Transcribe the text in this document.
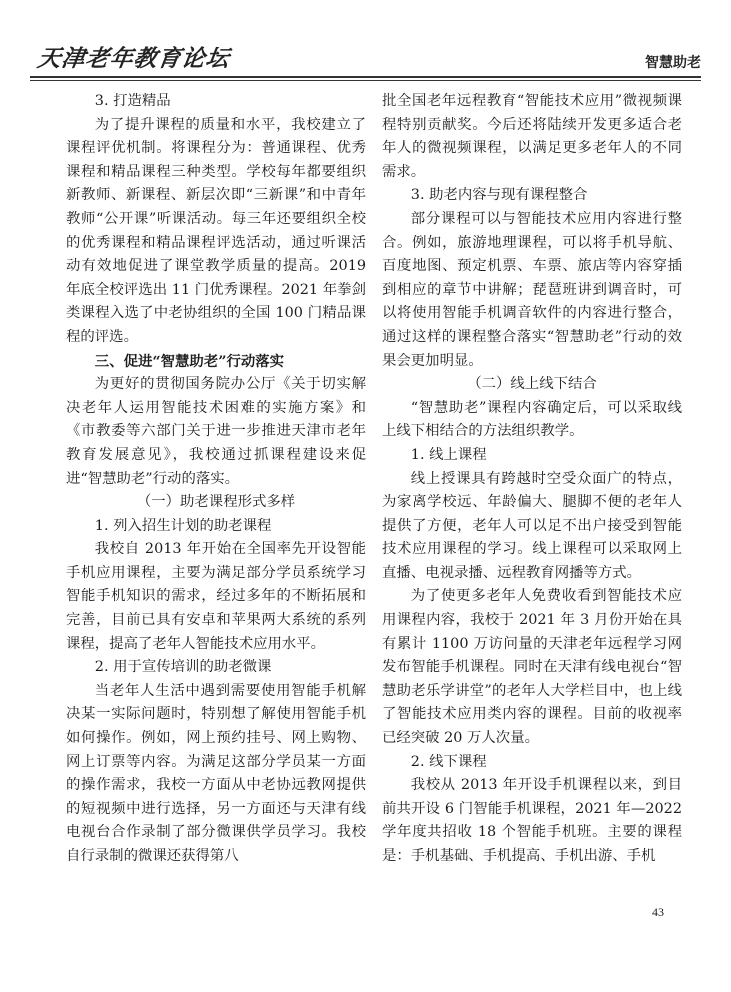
天津老年教育论坛	智慧助老

3. 打造精品

为了提升课程的质量和水平，我校建立了课程评优机制。将课程分为：普通课程、优秀课程和精品课程三种类型。学校每年都要组织新教师、新课程、新层次即“三新课”和中青年教师“公开课”听课活动。每三年还要组织全校的优秀课程和精品课程评选活动，通过听课活动有效地促进了课堂教学质量的提高。2019 年底全校评选出 11 门优秀课程。2021 年拳剑类课程入选了中老协组织的全国 100 门精品课程的评选。

三、促进“智慧助老”行动落实

为更好的贯彻国务院办公厅《关于切实解决老年人运用智能技术困难的实施方案》和《市教委等六部门关于进一步推进天津市老年教育发展意见》，我校通过抓课程建设来促进“智慧助老”行动的落实。

（一）助老课程形式多样

1. 列入招生计划的助老课程

我校自 2013 年开始在全国率先开设智能手机应用课程，主要为满足部分学员系统学习智能手机知识的需求，经过多年的不断拓展和完善，目前已具有安卓和苹果两大系统的系列课程，提高了老年人智能技术应用水平。

2. 用于宣传培训的助老微课

当老年人生活中遇到需要使用智能手机解决某一实际问题时，特别想了解使用智能手机如何操作。例如，网上预约挂号、网上购物、网上订票等内容。为满足这部分学员某一方面的操作需求，我校一方面从中老协远教网提供的短视频中进行选择，另一方面还与天津有线电视台合作录制了部分微课供学员学习。我校自行录制的微课还获得第八

批全国老年远程教育“智能技术应用”微视频课程特别贡献奖。今后还将陆续开发更多适合老年人的微视频课程，以满足更多老年人的不同需求。

3. 助老内容与现有课程整合

部分课程可以与智能技术应用内容进行整合。例如，旅游地理课程，可以将手机导航、百度地图、预定机票、车票、旅店等内容穿插到相应的章节中讲解；琵琶班讲到调音时，可以将使用智能手机调音软件的内容进行整合，通过这样的课程整合落实“智慧助老”行动的效果会更加明显。

（二）线上线下结合

“智慧助老”课程内容确定后，可以采取线上线下相结合的方法组织教学。

1. 线上课程

线上授课具有跨越时空受众面广的特点，为家离学校远、年龄偏大、腿脚不便的老年人提供了方便，老年人可以足不出户接受到智能技术应用课程的学习。线上课程可以采取网上直播、电视录播、远程教育网播等方式。

为了使更多老年人免费收看到智能技术应用课程内容，我校于 2021 年 3 月份开始在具有累计 1100 万访问量的天津老年远程学习网发布智能手机课程。同时在天津有线电视台“智慧助老乐学讲堂”的老年人大学栏目中，也上线了智能技术应用类内容的课程。目前的收视率已经突破 20 万人次量。

2. 线下课程

我校从 2013 年开设手机课程以来，到目前共开设 6 门智能手机课程，2021 年—2022 学年度共招收 18 个智能手机班。主要的课程是：手机基础、手机提高、手机出游、手机

43
